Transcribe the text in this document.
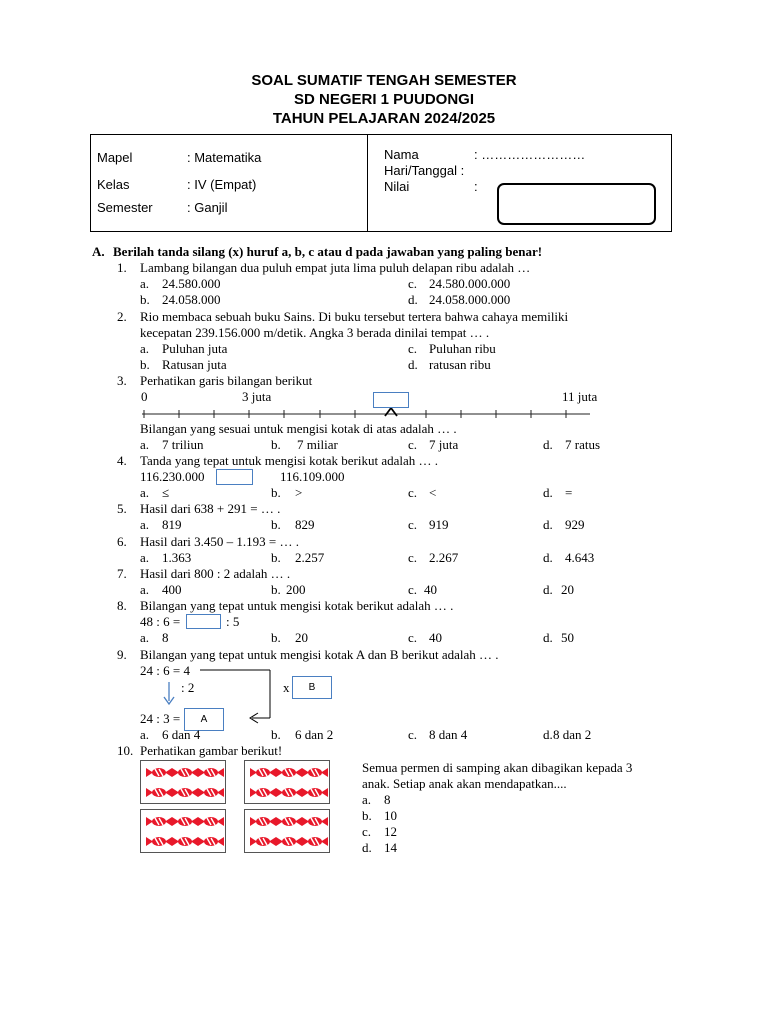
SOAL SUMATIF TENGAH SEMESTER
SD NEGERI 1 PUUDONGI
TAHUN PELAJARAN 2024/2025
Mapel	: Matematika
Kelas	: IV (Empat)
Semester	: Ganjil
Nama	: ……………………
Hari/Tanggal :
Nilai	:
A. Berilah tanda silang (x) huruf a, b, c atau d pada jawaban yang paling benar!
1. Lambang bilangan dua puluh empat juta lima puluh delapan ribu adalah …
a. 24.580.000	c. 24.580.000.000
b. 24.058.000	d. 24.058.000.000
2. Rio membaca sebuah buku Sains. Di buku tersebut tertera bahwa cahaya memiliki
kecepatan 239.156.000 m/detik. Angka 3 berada dinilai tempat … .
a. Puluhan juta	c. Puluhan ribu
b. Ratusan juta	d. ratusan ribu
3. Perhatikan garis bilangan berikut
0	3 juta	11 juta
Bilangan yang sesuai untuk mengisi kotak di atas adalah … .
a. 7 triliun	b. 7 miliar	c. 7 juta	d. 7 ratus
4. Tanda yang tepat untuk mengisi kotak berikut adalah … .
116.230.000	116.109.000
a. ≤	b. >	c. <	d. =
5. Hasil dari 638 + 291 = … .
a. 819	b. 829	c. 919	d. 929
6. Hasil dari 3.450 – 1.193 = … .
a. 1.363	b. 2.257	c. 2.267	d. 4.643
7. Hasil dari 800 : 2 adalah … .
a. 400	b. 200	c. 40	d. 20
8. Bilangan yang tepat untuk mengisi kotak berikut adalah … .
48 : 6 =	: 5
a. 8	b. 20	c. 40	d. 50
9. Bilangan yang tepat untuk mengisi kotak A dan B berikut adalah … .
24 : 6 = 4
: 2	x	B
24 : 3 =	A
a. 6 dan 4	b. 6 dan 2	c. 8 dan 4	d. 8 dan 2
10. Perhatikan gambar berikut!
Semua permen di samping akan dibagikan kepada 3
anak. Setiap anak akan mendapatkan....
a. 8
b. 10
c. 12
d. 14
